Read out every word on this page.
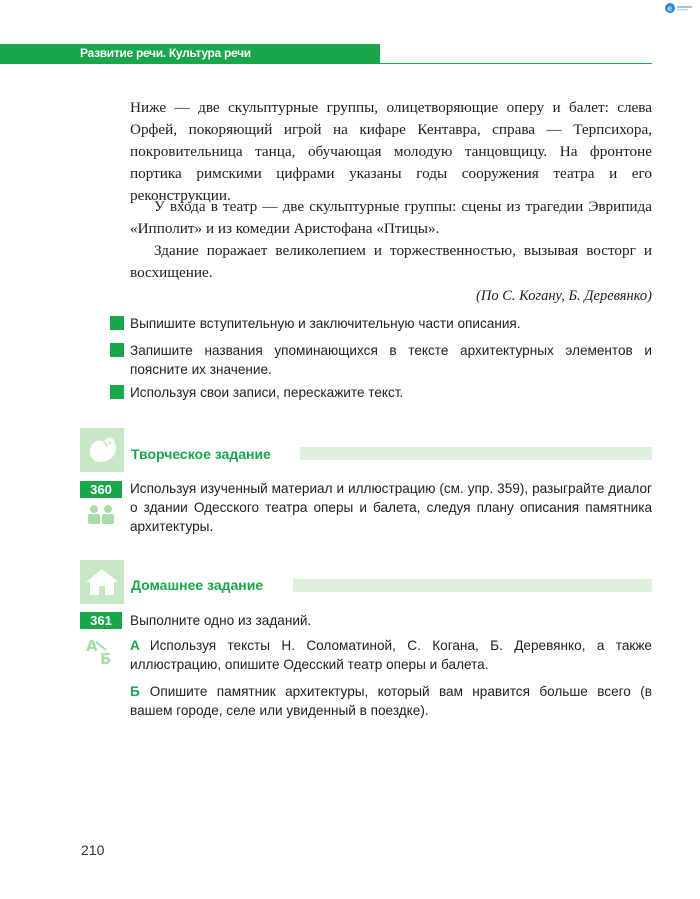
e
Развитие речи. Культура речи
Ниже — две скульптурные группы, олицетворяющие оперу и балет: слева Орфей, покоряющий игрой на кифаре Кентавра, справа — Терпсихора, покровительница танца, обучающая молодую танцовщицу. На фронтоне портика римскими цифрами указаны годы сооружения театра и его реконструкции.
У входа в театр — две скульптурные группы: сцены из трагедии Эврипида «Ипполит» и из комедии Аристофана «Птицы».
Здание поражает великолепием и торжественностью, вызывая восторг и восхищение.
(По С. Когану, Б. Деревянко)
Выпишите вступительную и заключительную части описания.
Запишите названия упоминающихся в тексте архитектурных элементов и поясните их значение.
Используя свои записи, перескажите текст.
Творческое задание
360	Используя изученный материал и иллюстрацию (см. упр. 359), разыграйте диалог о здании Одесского театра оперы и балета, следуя плану описания памятника архитектуры.
Домашнее задание
361
А
Б
Выполните одно из заданий.
А Используя тексты Н. Соломатиной, С. Когана, Б. Деревянко, а также иллюстрацию, опишите Одесский театр оперы и балета.
Б Опишите памятник архитектуры, который вам нравится больше всего (в вашем городе, селе или увиденный в поездке).
210
